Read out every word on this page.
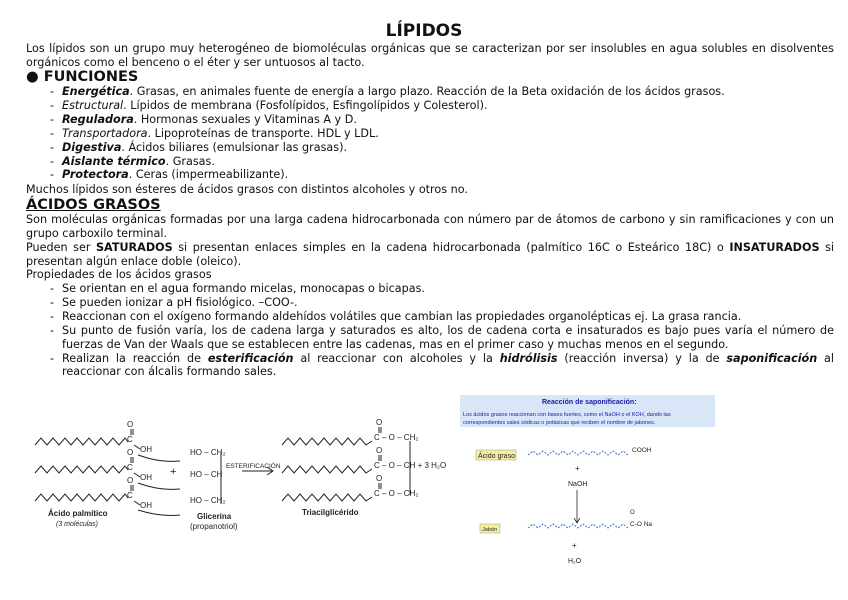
LÍPIDOS
Los lípidos son un grupo muy heterogéneo de biomoléculas orgánicas que se caracterizan por ser insolubles en agua solubles en disolventes orgánicos como el benceno o el éter y ser untuosos al tacto.
● FUNCIONES
- Energética. Grasas, en animales fuente de energía a largo plazo. Reacción de la Beta oxidación de los ácidos grasos.
- Estructural. Lípidos de membrana (Fosfolípidos, Esfingolípidos y Colesterol).
- Reguladora. Hormonas sexuales y Vitaminas A y D.
- Transportadora. Lipoproteínas de transporte. HDL y LDL.
- Digestiva. Ácidos biliares (emulsionar las grasas).
- Aislante térmico. Grasas.
- Protectora. Ceras (impermeabilizante).
Muchos lípidos son ésteres de ácidos grasos con distintos alcoholes y otros no.
ÁCIDOS GRASOS
Son moléculas orgánicas formadas por una larga cadena hidrocarbonada con número par de átomos de carbono y sin ramificaciones y con un grupo carboxilo terminal.
Pueden ser SATURADOS si presentan enlaces simples en la cadena hidrocarbonada (palmítico 16C o Esteárico 18C) o INSATURADOS si presentan algún enlace doble (oleico).
Propiedades de los ácidos grasos
- Se orientan en el agua formando micelas, monocapas o bicapas.
- Se pueden ionizar a pH fisiológico. –COO-.
- Reaccionan con el oxígeno formando aldehídos volátiles que cambian las propiedades organolépticas ej. La grasa rancia.
- Su punto de fusión varía, los de cadena larga y saturados es alto, los de cadena corta e insaturados es bajo pues varía el número de fuerzas de Van der Waals que se establecen entre las cadenas, mas en el primer caso y muchas menos en el segundo.
- Realizan la reacción de esterificación al reaccionar con alcoholes y la hidrólisis (reacción inversa) y la de saponificación al reaccionar con álcalis formando sales.
O
C
O
C
O
C
OH
OH
OH
HO – CH₂
+ HO – CH
HO – CH₂
ESTERIFICACIÓN
O
C – O – CH₂
O
C – O – CH + 3 H₂O
O
C – O – CH₂
Ácido palmítico
(3 moléculas)
Glicerina
(propanotriol)
Triacilglicérido
Reacción de saponificación:
Los ácidos grasos reaccionan con bases fuertes, como el NaOH o el KOH, dando las
correspondientes sales sódicas o potásicas que reciben el nombre de jabones.
Ácido graso
COOH
+
NaOH
Jabón
O
C-O Na
+
H₂O
